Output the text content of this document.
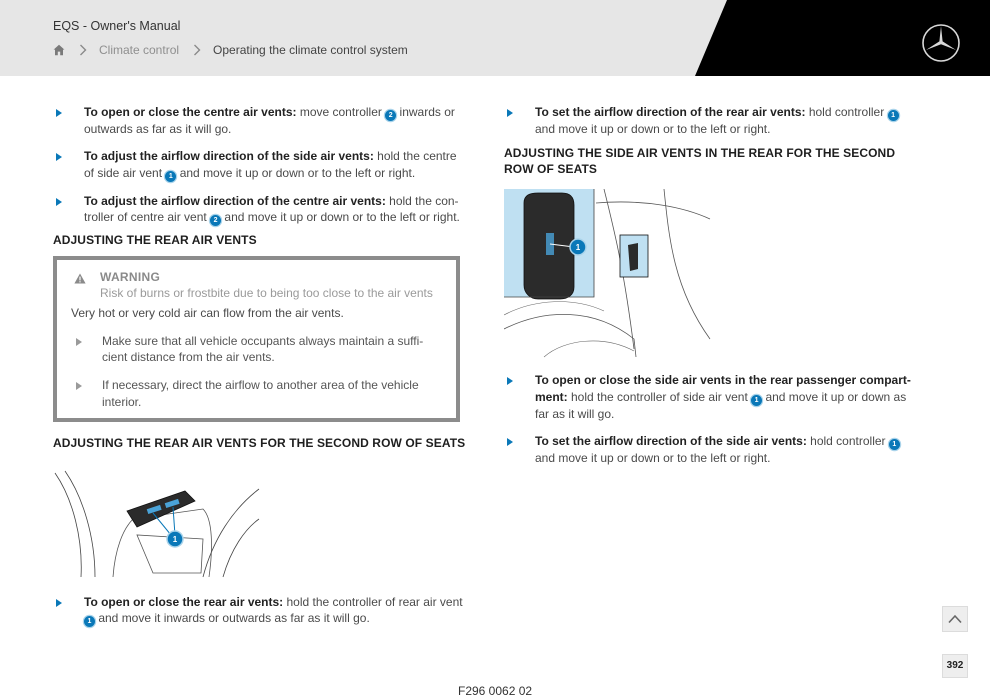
EQS - Owner's Manual
Climate control	Operating the climate control system
To open or close the centre air vents: move controller 2 inwards or outwards as far as it will go.
To adjust the airflow direction of the side air vents: hold the centre of side air vent 1 and move it up or down or to the left or right.
To adjust the airflow direction of the centre air vents: hold the con-troller of centre air vent 2 and move it up or down or to the left or right.
ADJUSTING THE REAR AIR VENTS
WARNING
Risk of burns or frostbite due to being too close to the air vents
Very hot or very cold air can flow from the air vents.
Make sure that all vehicle occupants always maintain a suffi-cient distance from the air vents.
If necessary, direct the airflow to another area of the vehicle interior.
ADJUSTING THE REAR AIR VENTS FOR THE SECOND ROW OF SEATS
1
To open or close the rear air vents: hold the controller of rear air vent 1 and move it inwards or outwards as far as it will go.
To set the airflow direction of the rear air vents: hold controller 1 and move it up or down or to the left or right.
ADJUSTING THE SIDE AIR VENTS IN THE REAR FOR THE SECOND ROW OF SEATS
1
To open or close the side air vents in the rear passenger compart-ment: hold the controller of side air vent 1 and move it up or down as far as it will go.
To set the airflow direction of the side air vents: hold controller 1 and move it up or down or to the left or right.
392
F296 0062 02
